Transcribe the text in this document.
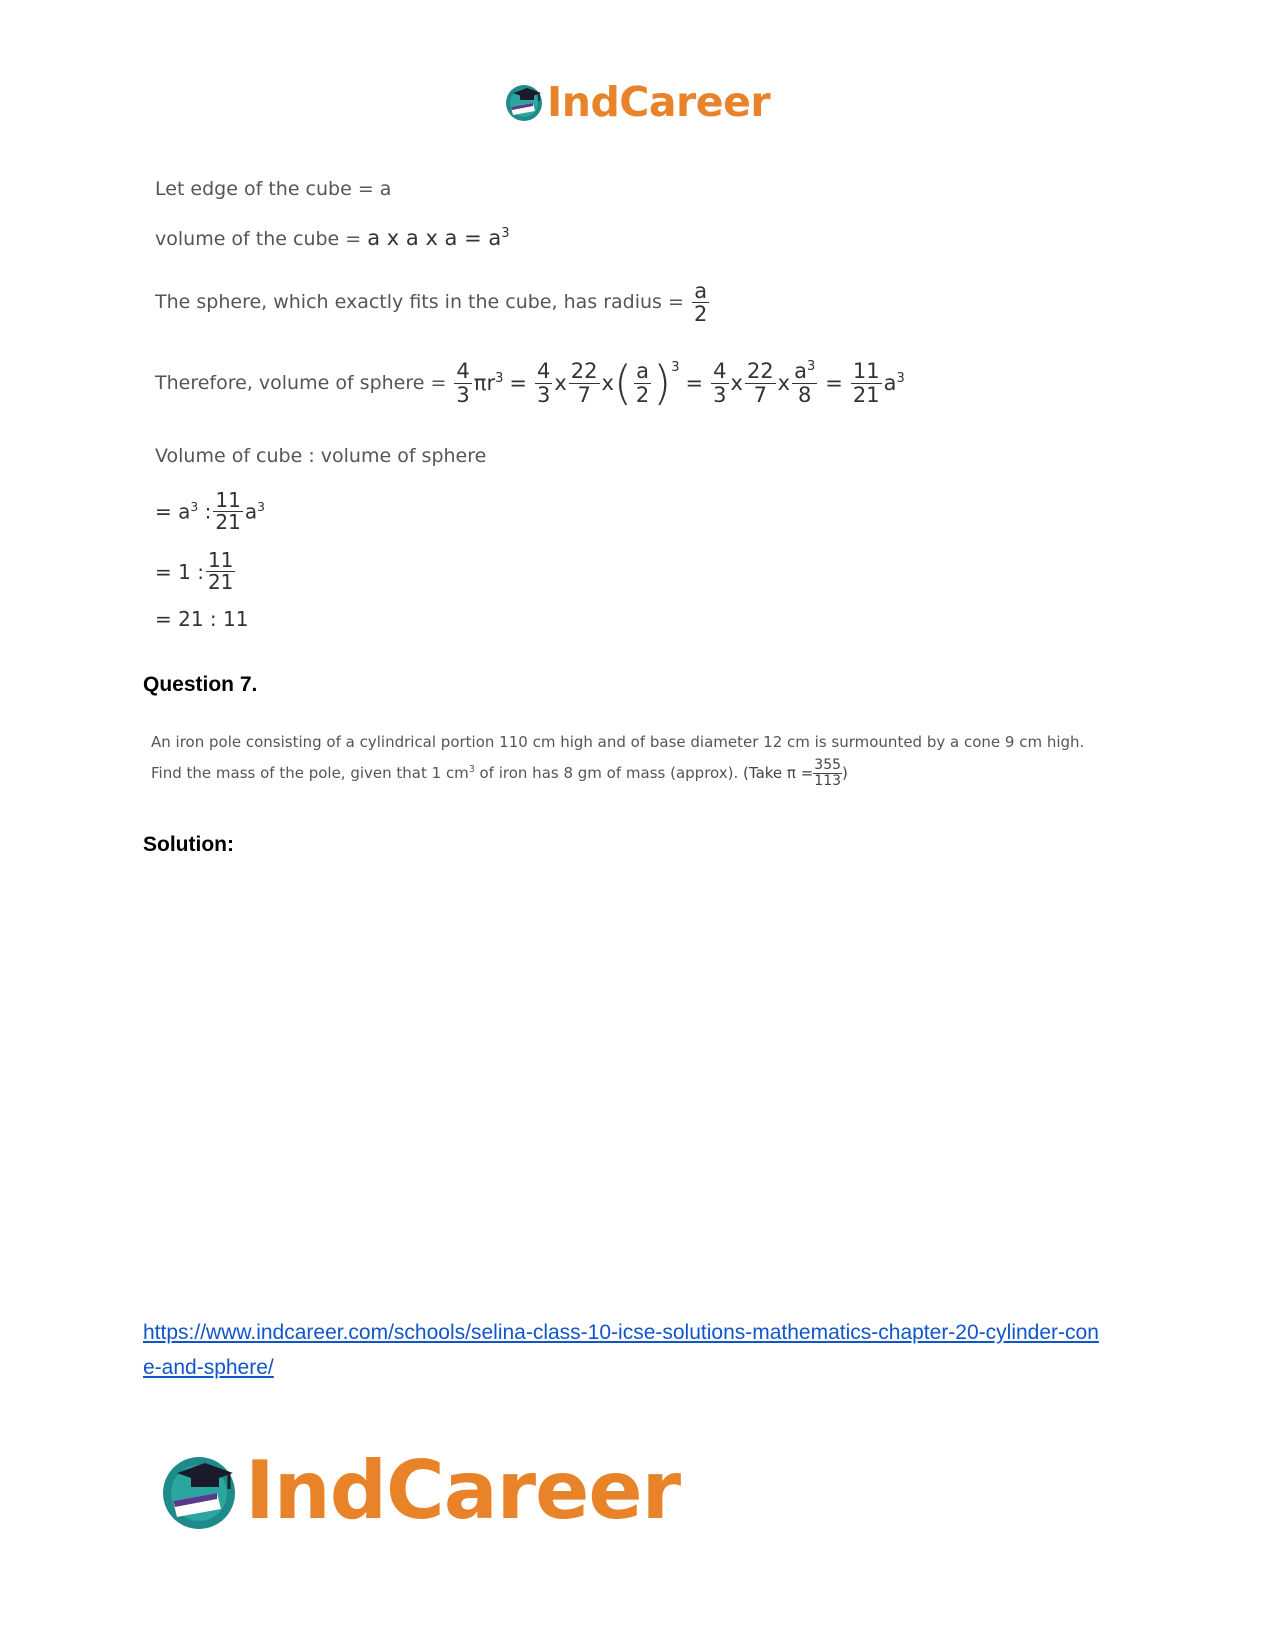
IndCareer
Let edge of the cube = a
volume of the cube = a x a x $a = a^3$
The sphere, which exactly fits in the cube, has radius = $\frac{a}{2}$
Therefore, volume of sphere = $\frac{4}{3} \pi r^3 = \frac{4}{3}$ x $\frac{22}{7}$ x ( $\frac{a}{2} )^3$
= $\frac{4}{3}$ x $\frac{22}{7}$ x $\frac{a^3}{8} = \frac{11}{21} a^3$
Volume of cube : volume of sphere
= $a^3$ : $\frac{11}{21} a^3$
= 1 : $\frac{11}{21}$
= 21 : 11
Question 7.
An iron pole consisting of a cylindrical portion 110 cm high and of base diameter 12 cm is surmounted by a cone 9 cm high. Find the mass of the pole, given that 1 $cm^3$ of iron has 8 gm of mass (approx). (Take $\pi = \frac{355}{113}$ )
Solution:
https://www.indcareer.com/schools/selina-class-10-icse-solutions-mathematics-chapter-20-cylinder-cone-and-sphere/
IndCareer
